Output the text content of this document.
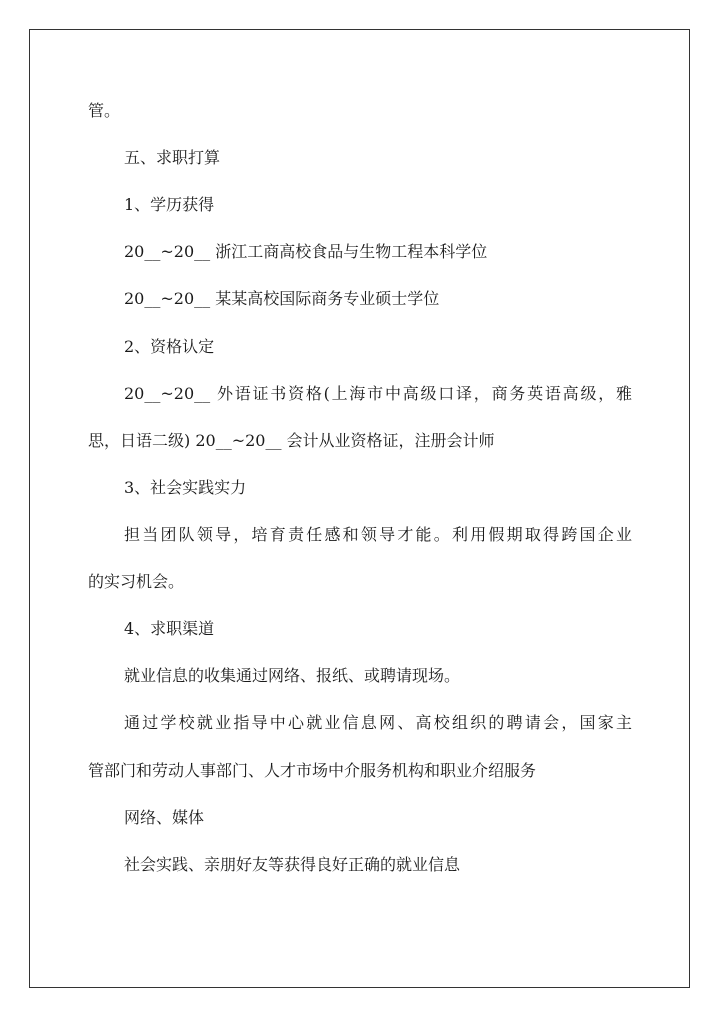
管。
五、求职打算
1、学历获得
20__~20__ 浙江工商高校食品与生物工程本科学位
20__~20__ 某某高校国际商务专业硕士学位
2、资格认定
20__~20__ 外语证书资格(上海市中高级口译，商务英语高级，雅
思，日语二级) 20__~20__ 会计从业资格证，注册会计师
3、社会实践实力
担当团队领导，培育责任感和领导才能。利用假期取得跨国企业
的实习机会。
4、求职渠道
就业信息的收集通过网络、报纸、或聘请现场。
通过学校就业指导中心就业信息网、高校组织的聘请会，国家主
管部门和劳动人事部门、人才市场中介服务机构和职业介绍服务
网络、媒体
社会实践、亲朋好友等获得良好正确的就业信息
